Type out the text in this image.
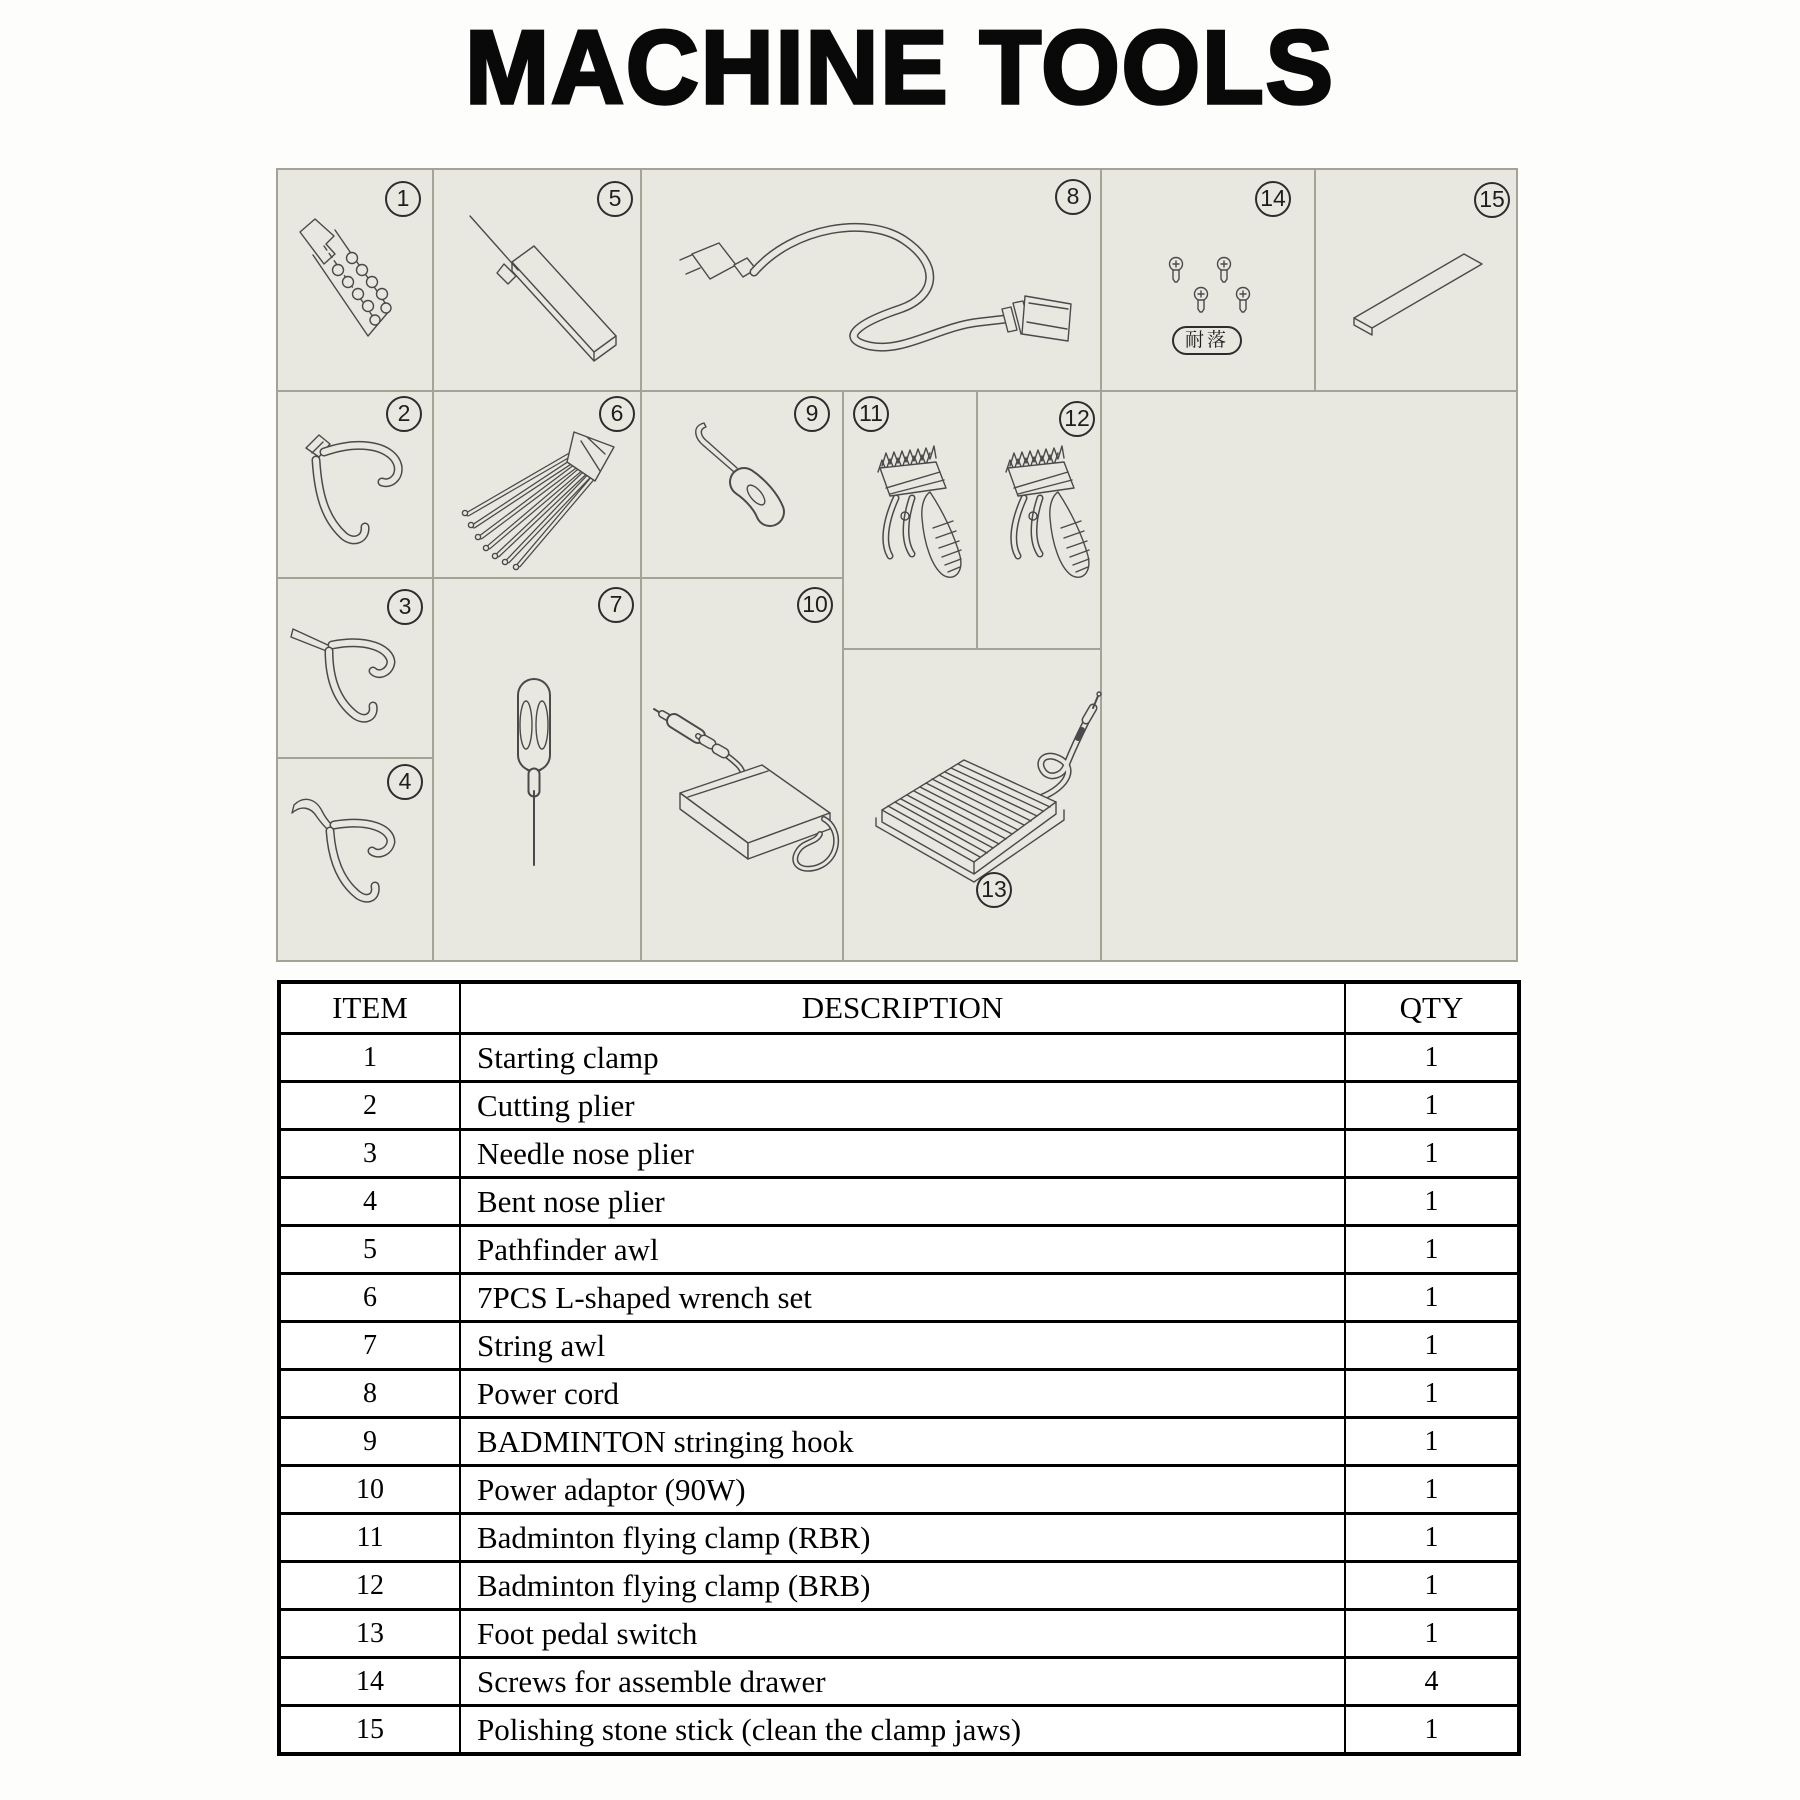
MACHINE TOOLS
1	5	8
耐落
14	15
2	6	9	11	12
3	7	10
13
4
ITEM	DESCRIPTION	QTY
1	Starting clamp	1
2	Cutting plier	1
3	Needle nose plier	1
4	Bent nose plier	1
5	Pathfinder awl	1
6	7PCS L-shaped wrench set	1
7	String awl	1
8	Power cord	1
9	BADMINTON stringing hook	1
10	Power adaptor (90W)	1
11	Badminton flying clamp (RBR)	1
12	Badminton flying clamp (BRB)	1
13	Foot pedal switch	1
14	Screws for assemble drawer	4
15	Polishing stone stick (clean the clamp jaws)	1
